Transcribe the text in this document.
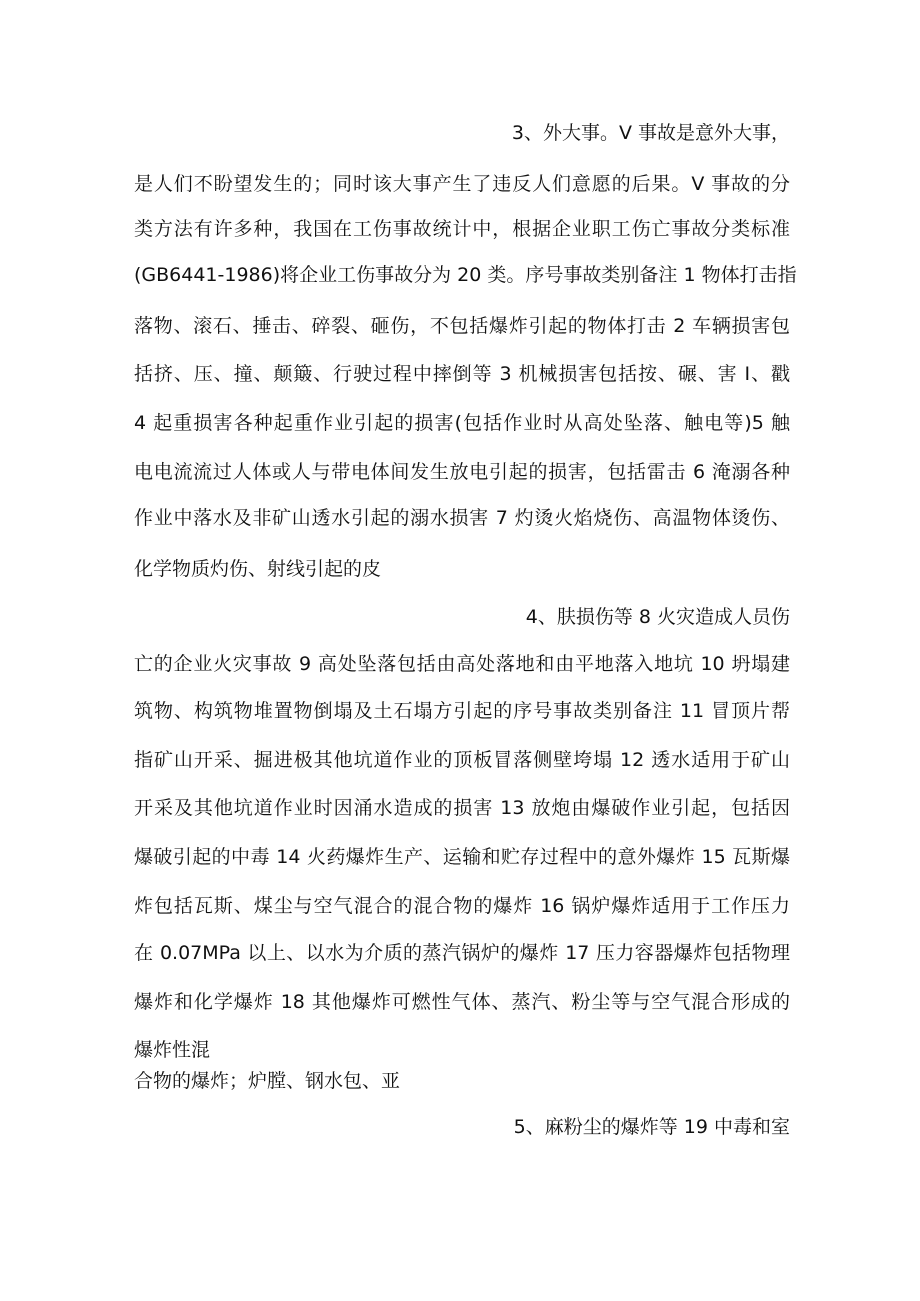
3、外大事。V 事故是意外大事，
是人们不盼望发生的；同时该大事产生了违反人们意愿的后果。V 事故的分
类方法有许多种，我国在工伤事故统计中，根据企业职工伤亡事故分类标准
(GB6441-1986)将企业工伤事故分为 20 类。序号事故类别备注 1 物体打击指
落物、滚石、捶击、碎裂、砸伤，不包括爆炸引起的物体打击 2 车辆损害包
括挤、压、撞、颠簸、行驶过程中摔倒等 3 机械损害包括按、碾、害 I、戳
4 起重损害各种起重作业引起的损害(包括作业时从高处坠落、触电等)5 触
电电流流过人体或人与带电体间发生放电引起的损害，包括雷击 6 淹溺各种
作业中落水及非矿山透水引起的溺水损害 7 灼烫火焰烧伤、高温物体烫伤、
化学物质灼伤、射线引起的皮
4、肤损伤等 8 火灾造成人员伤
亡的企业火灾事故 9 高处坠落包括由高处落地和由平地落入地坑 10 坍塌建
筑物、构筑物堆置物倒塌及土石塌方引起的序号事故类别备注 11 冒顶片帮
指矿山开采、掘进极其他坑道作业的顶板冒落侧壁垮塌 12 透水适用于矿山
开采及其他坑道作业时因涌水造成的损害 13 放炮由爆破作业引起，包括因
爆破引起的中毒 14 火药爆炸生产、运输和贮存过程中的意外爆炸 15 瓦斯爆
炸包括瓦斯、煤尘与空气混合的混合物的爆炸 16 锅炉爆炸适用于工作压力
在 0.07MPa 以上、以水为介质的蒸汽锅炉的爆炸 17 压力容器爆炸包括物理
爆炸和化学爆炸 18 其他爆炸可燃性气体、蒸汽、粉尘等与空气混合形成的
爆炸性混
合物的爆炸；炉膛、钢水包、亚
5、麻粉尘的爆炸等 19 中毒和室
